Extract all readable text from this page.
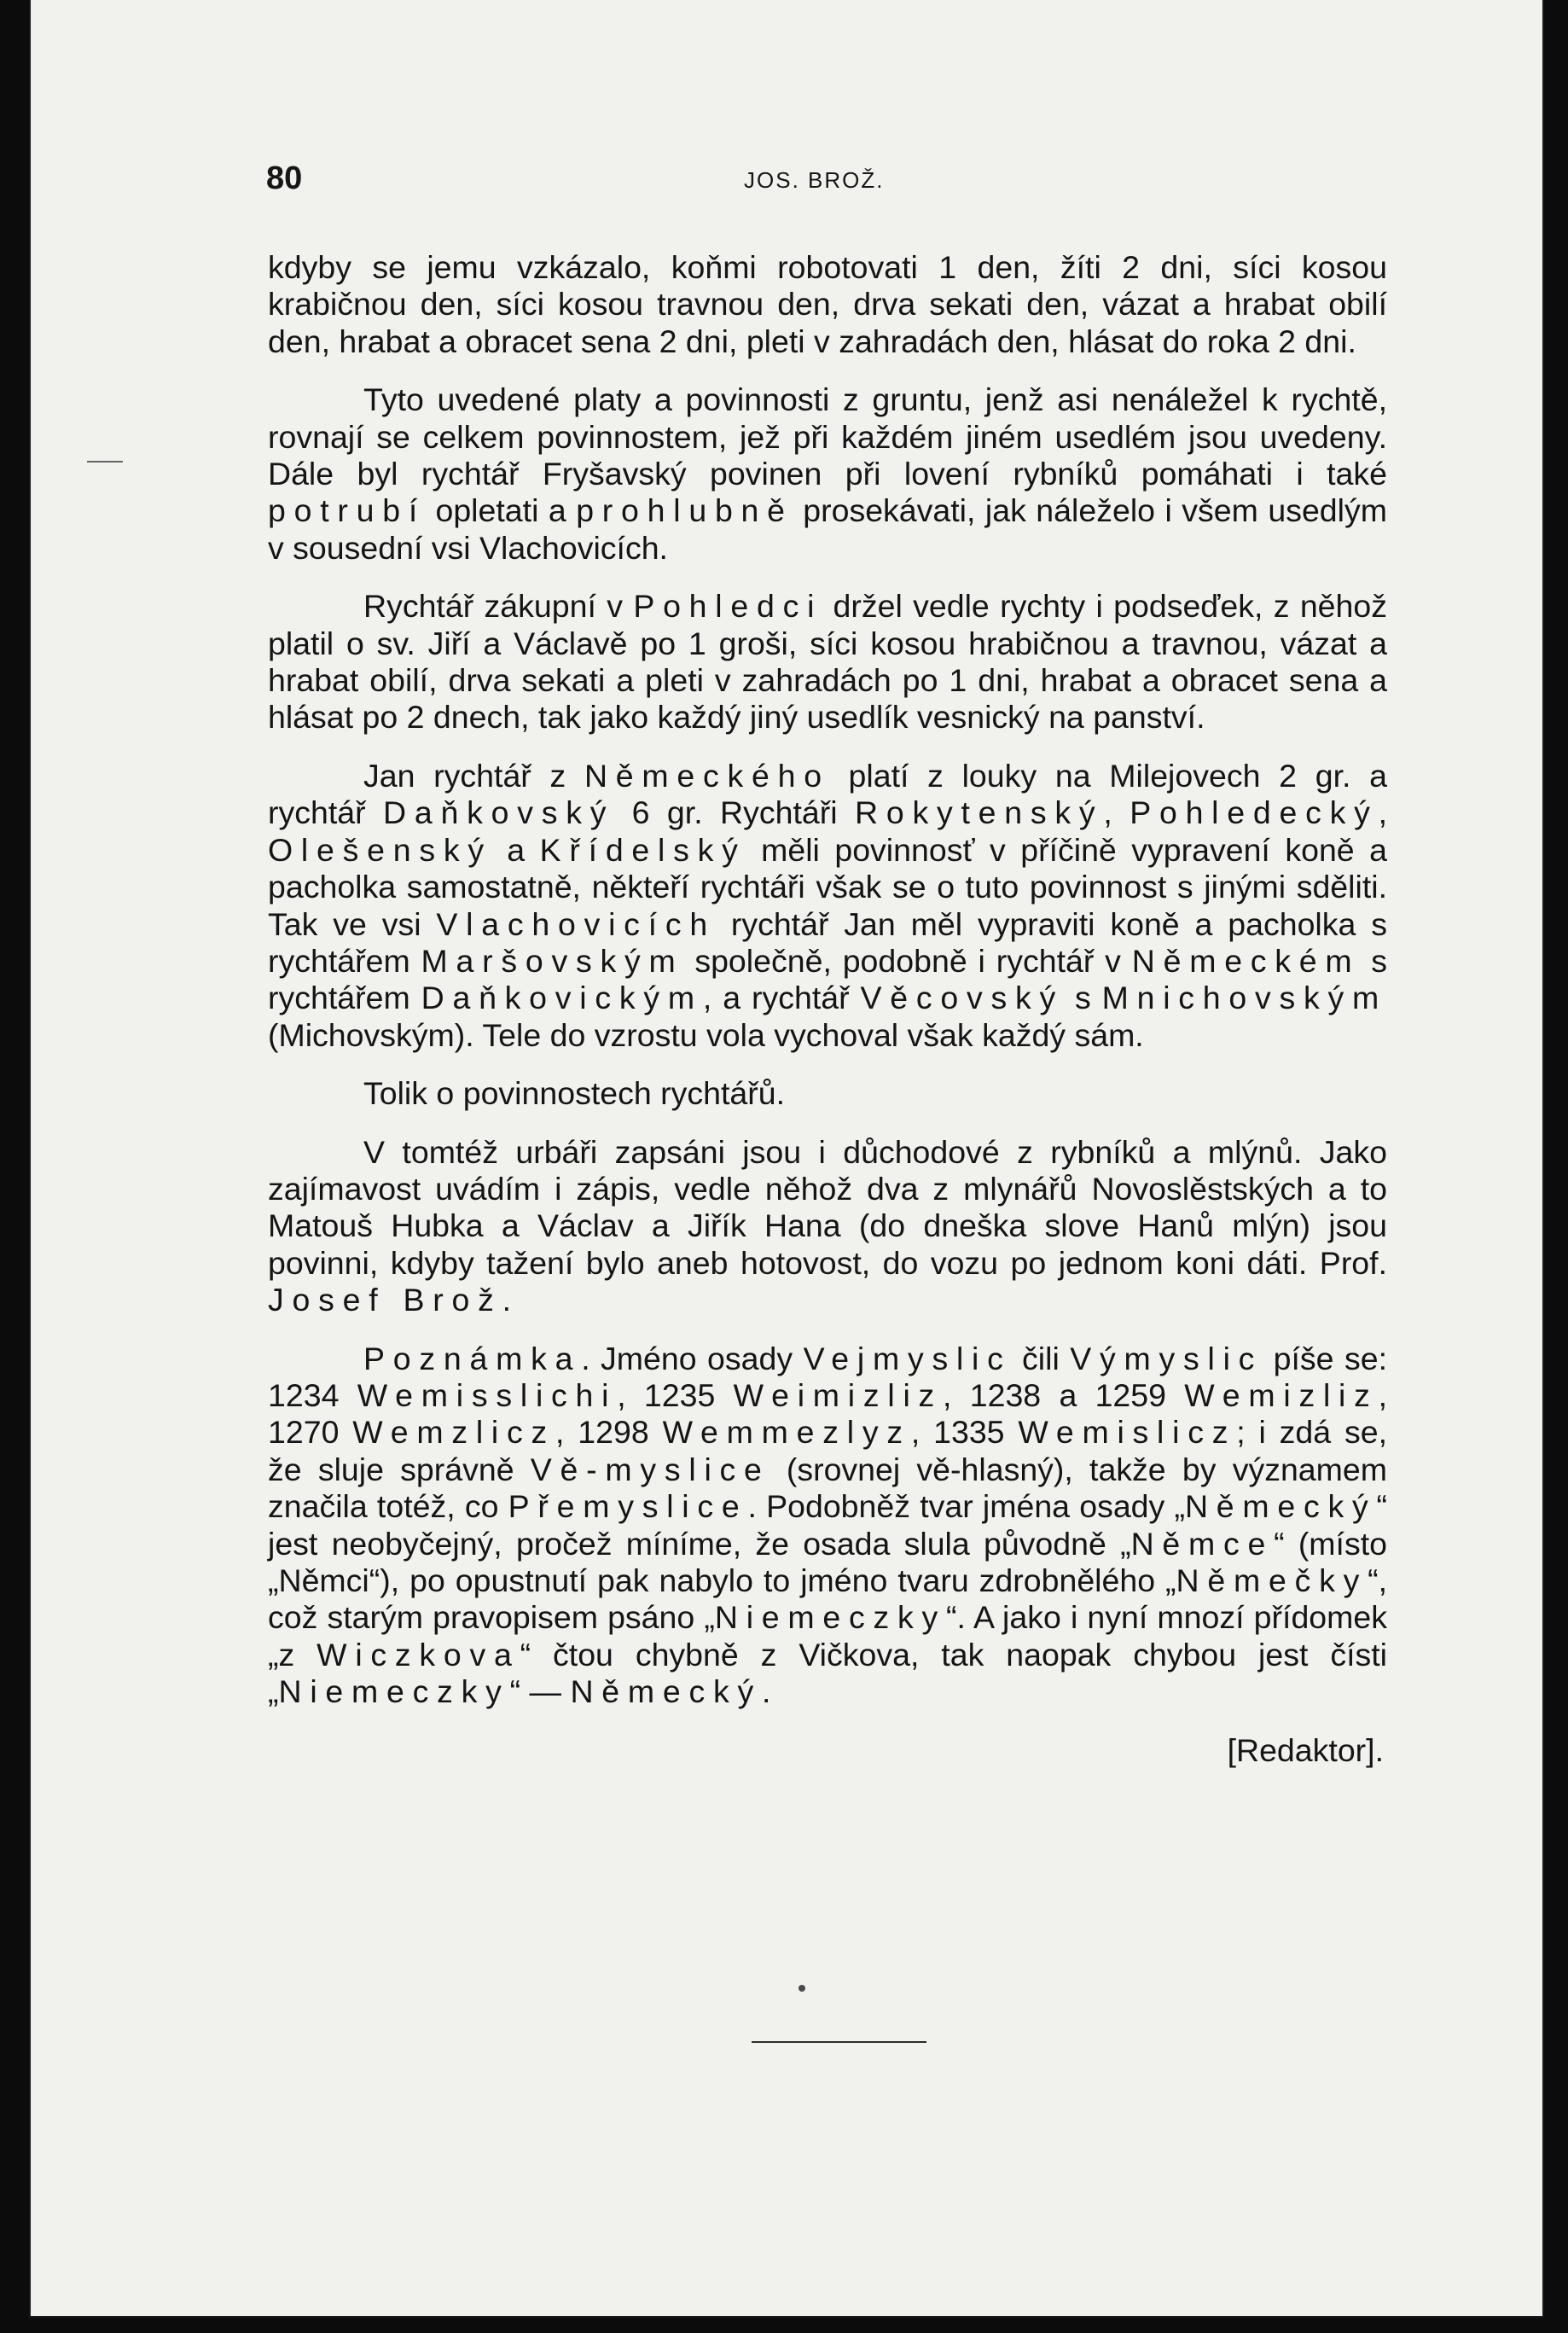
80	JOS. BROŽ.

kdyby se jemu vzkázalo, koňmi robotovati 1 den, žíti 2 dni, síci kosou krabičnou den, síci kosou travnou den, drva sekati den, vázat a hrabat obilí den, hrabat a obracet sena 2 dni, pleti v zahradách den, hlásat do roka 2 dni.

Tyto uvedené platy a povinnosti z gruntu, jenž asi nenáležel k rychtě, rovnají se celkem povinnostem, jež při každém jiném usedlém jsou uvedeny. Dále byl rychtář Fryšavský povinen při lovení rybníků pomáhati i také potrubí opletati a prohlubně prosekávati, jak náleželo i všem usedlým v sousední vsi Vlachovicích.

Rychtář zákupní v Pohledci držel vedle rychty i podseďek, z něhož platil o sv. Jiří a Václavě po 1 groši, síci kosou hrabičnou a travnou, vázat a hrabat obilí, drva sekati a pleti v zahradách po 1 dni, hrabat a obracet sena a hlásat po 2 dnech, tak jako každý jiný usedlík vesnický na panství.

Jan rychtář z Německého platí z louky na Milejovech 2 gr. a rychtář Daňkovský 6 gr. Rychtáři Rokytenský, Pohledecký, Olešenský a Křídelský měli povinnosť v příčině vypravení koně a pacholka samostatně, někteří rychtáři však se o tuto povinnost s jinými sděliti. Tak ve vsi Vlachovicích rychtář Jan měl vypraviti koně a pacholka s rychtářem Maršovským společně, podobně i rychtář v Německém s rychtářem Daňkovickým, a rychtář Věcovský s Mnichovským (Michovským). Tele do vzrostu vola vychoval však každý sám.

Tolik o povinnostech rychtářů.

V tomtéž urbáři zapsáni jsou i důchodové z rybníků a mlýnů. Jako zajímavost uvádím i zápis, vedle něhož dva z mlynářů Novoslěstských a to Matouš Hubka a Václav a Jiřík Hana (do dneška slove Hanů mlýn) jsou povinni, kdyby tažení bylo aneb hotovost, do vozu po jednom koni dáti. Prof. Josef Brož.

Poznámka. Jméno osady Vejmyslic čili Výmyslic píše se: 1234 Wemisslichi, 1235 Weimizliz, 1238 a 1259 Wemizliz, 1270 Wemzlicz, 1298 Wemmezlyz, 1335 Wemislicz; i zdá se, že sluje správně Vě-myslice (srovnej vě-hlasný), takže by významem značila totéž, co Přemyslice. Podobněž tvar jména osady „Německý“ jest neobyčejný, pročež míníme, že osada slula původně „Němce“ (místo „Němci“), po opustnutí pak nabylo to jméno tvaru zdrobnělého „Němečky“, což starým pravopisem psáno „Niemeczky“. A jako i nyní mnozí přídomek „z Wiczkova“ čtou chybně z Vičkova, tak naopak chybou jest čísti „Niemeczky“ — Německý.

[Redaktor].
